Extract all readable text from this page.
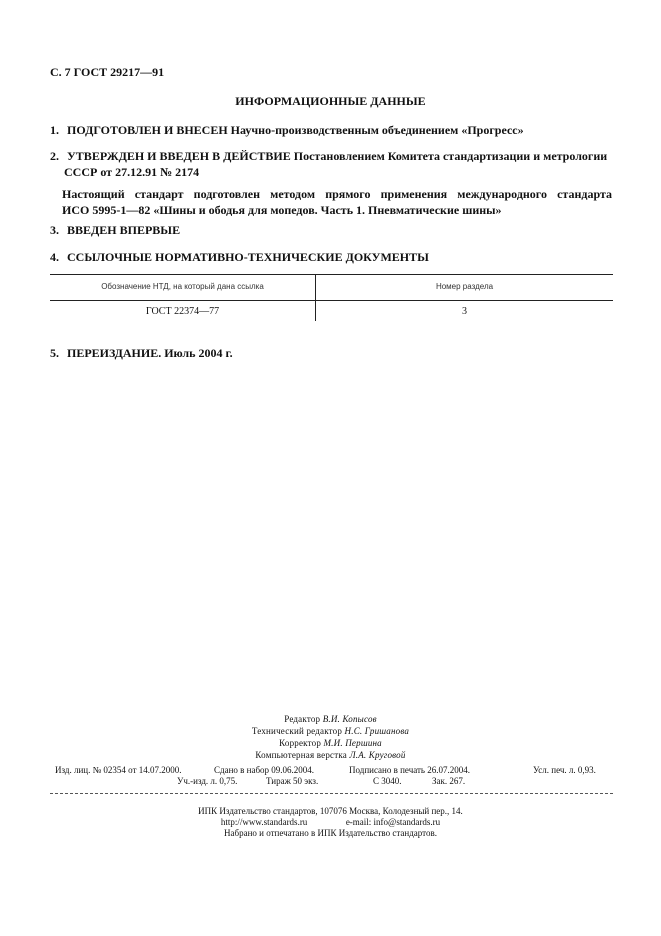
С. 7 ГОСТ 29217—91
ИНФОРМАЦИОННЫЕ ДАННЫЕ
1. ПОДГОТОВЛЕН И ВНЕСЕН Научно-производственным объединением «Прогресс»
2. УТВЕРЖДЕН И ВВЕДЕН В ДЕЙСТВИЕ Постановлением Комитета стандартизации и метрологии
СССР от 27.12.91 № 2174
Настоящий стандарт подготовлен методом прямого применения международного стандарта
ИСО 5995-1—82 «Шины и ободья для мопедов. Часть 1. Пневматические шины»
3. ВВЕДЕН ВПЕРВЫЕ
4. ССЫЛОЧНЫЕ НОРМАТИВНО-ТЕХНИЧЕСКИЕ ДОКУМЕНТЫ
Обозначение НТД, на который дана ссылка	Номер раздела
ГОСТ 22374—77	3
5. ПЕРЕИЗДАНИЕ. Июль 2004 г.
Редактор В.И. Копысов
Технический редактор Н.С. Гришанова
Корректор М.И. Першина
Компьютерная верстка Л.А. Круговой
Изд. лиц. № 02354 от 14.07.2000.	Сдано в набор 09.06.2004.	Подписано в печать 26.07.2004.	Усл. печ. л. 0,93.
Уч.-изд. л. 0,75.	Тираж 50 экз.	С 3040.	Зак. 267.
ИПК Издательство стандартов, 107076 Москва, Колодезный пер., 14.
http://www.standards.ru	e-mail: info@standards.ru
Набрано и отпечатано в ИПК Издательство стандартов.
